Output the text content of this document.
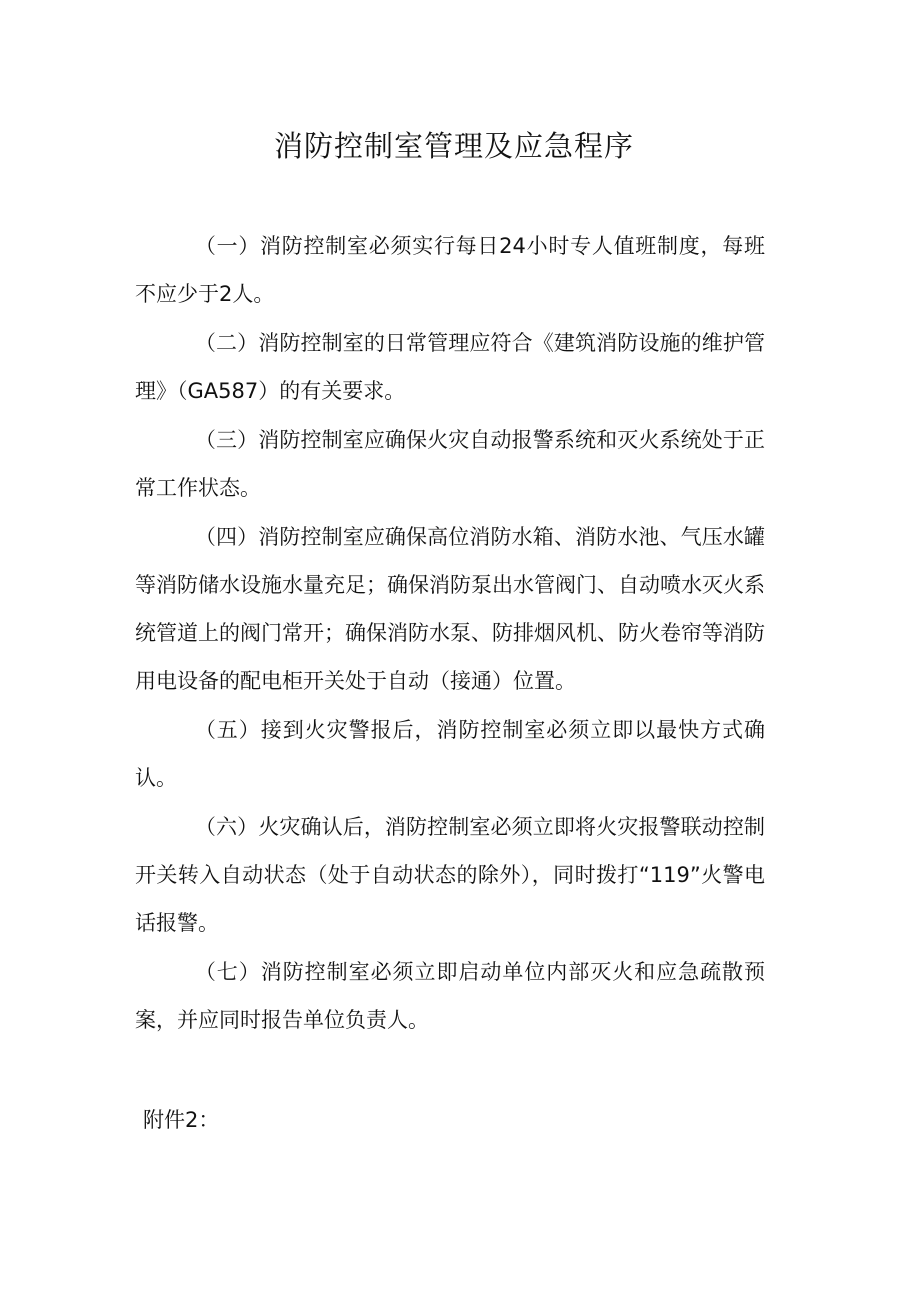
消防控制室管理及应急程序

（一）消防控制室必须实行每日24小时专人值班制度，每班不应少于2人。

（二）消防控制室的日常管理应符合《建筑消防设施的维护管理》（GA587）的有关要求。

（三）消防控制室应确保火灾自动报警系统和灭火系统处于正常工作状态。

（四）消防控制室应确保高位消防水箱、消防水池、气压水罐等消防储水设施水量充足；确保消防泵出水管阀门、自动喷水灭火系统管道上的阀门常开；确保消防水泵、防排烟风机、防火卷帘等消防用电设备的配电柜开关处于自动（接通）位置。

（五）接到火灾警报后，消防控制室必须立即以最快方式确认。

（六）火灾确认后，消防控制室必须立即将火灾报警联动控制开关转入自动状态（处于自动状态的除外），同时拨打“119”火警电话报警。

（七）消防控制室必须立即启动单位内部灭火和应急疏散预案，并应同时报告单位负责人。

附件2：
